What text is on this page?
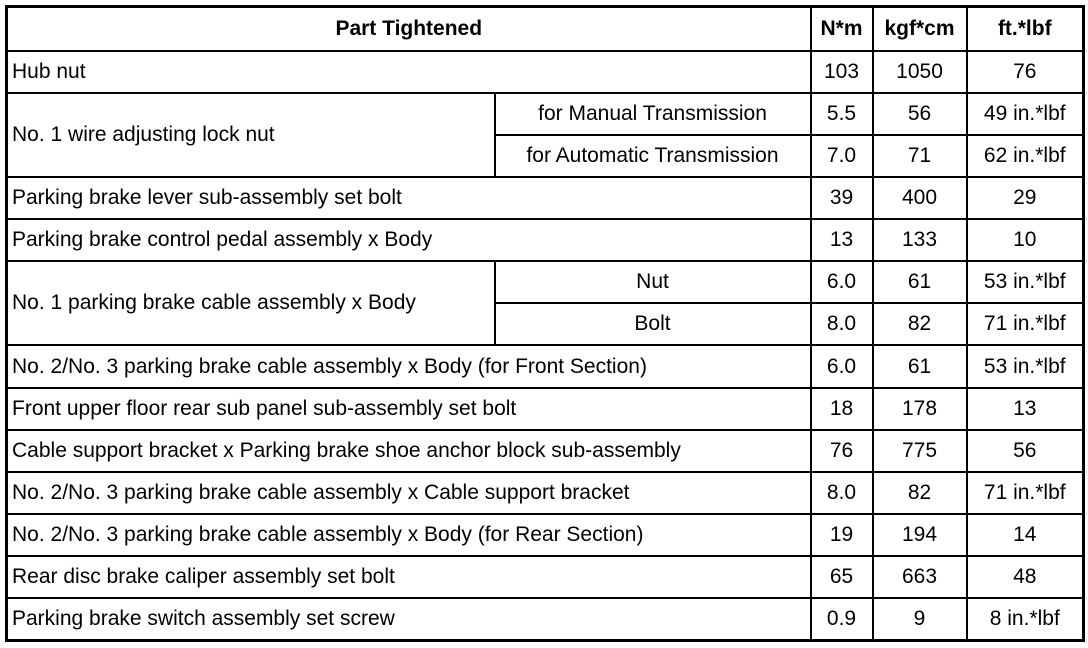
Part Tightened		N*m	kgf*cm	ft.*lbf
Hub nut		103	1050	76
No. 1 wire adjusting lock nut	for Manual Transmission	5.5	56	49 in.*lbf
	for Automatic Transmission	7.0	71	62 in.*lbf
Parking brake lever sub-assembly set bolt		39	400	29
Parking brake control pedal assembly x Body		13	133	10
No. 1 parking brake cable assembly x Body	Nut	6.0	61	53 in.*lbf
	Bolt	8.0	82	71 in.*lbf
No. 2/No. 3 parking brake cable assembly x Body (for Front Section)		6.0	61	53 in.*lbf
Front upper floor rear sub panel sub-assembly set bolt		18	178	13
Cable support bracket x Parking brake shoe anchor block sub-assembly		76	775	56
No. 2/No. 3 parking brake cable assembly x Cable support bracket		8.0	82	71 in.*lbf
No. 2/No. 3 parking brake cable assembly x Body (for Rear Section)		19	194	14
Rear disc brake caliper assembly set bolt		65	663	48
Parking brake switch assembly set screw		0.9	9	8 in.*lbf
